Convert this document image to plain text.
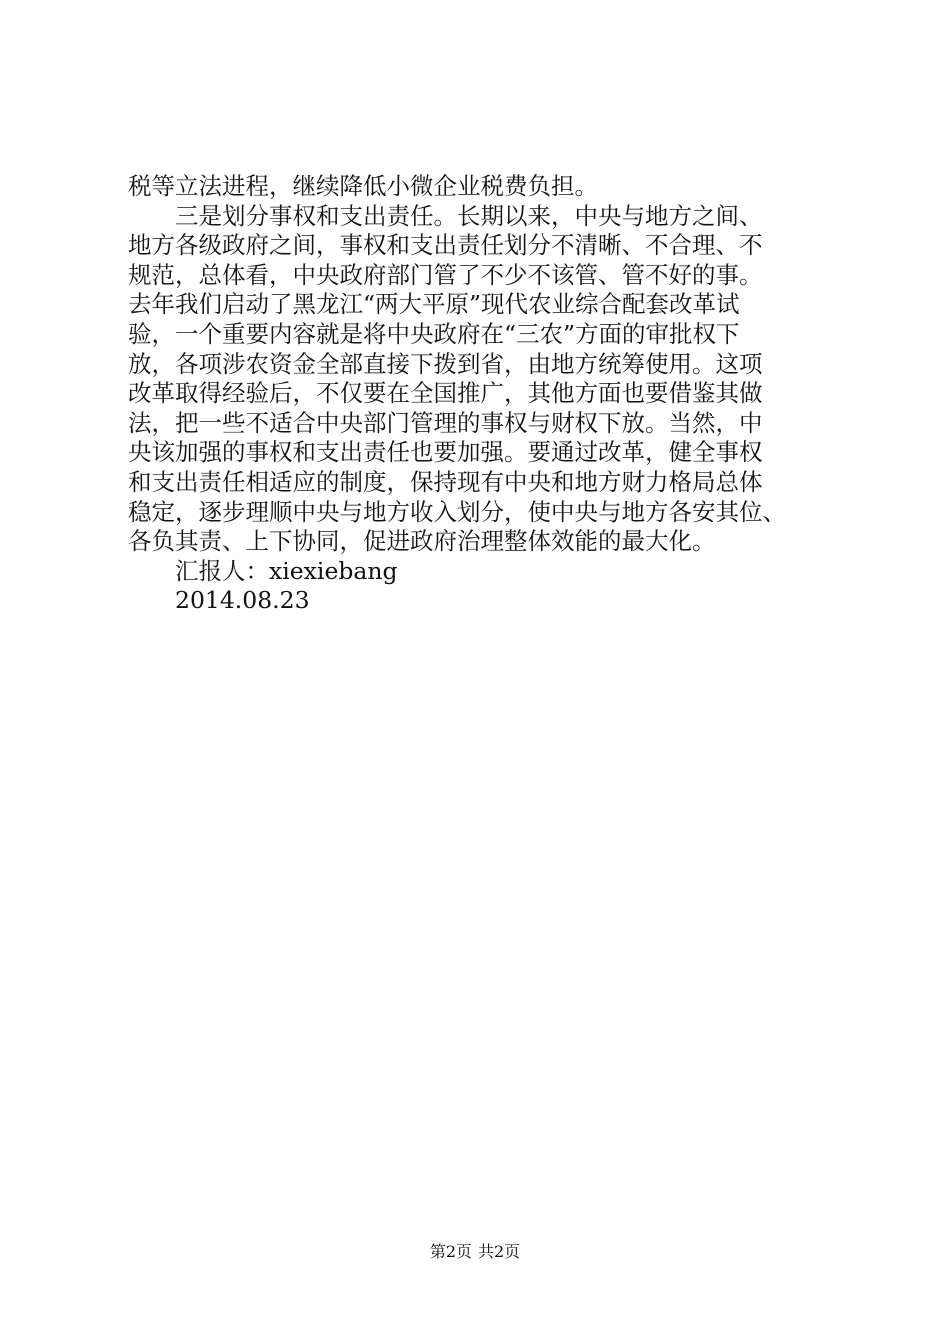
税等立法进程，继续降低小微企业税费负担。
三是划分事权和支出责任。长期以来，中央与地方之间、
地方各级政府之间，事权和支出责任划分不清晰、不合理、不
规范，总体看，中央政府部门管了不少不该管、管不好的事。
去年我们启动了黑龙江“两大平原”现代农业综合配套改革试
验，一个重要内容就是将中央政府在“三农”方面的审批权下
放，各项涉农资金全部直接下拨到省，由地方统筹使用。这项
改革取得经验后，不仅要在全国推广，其他方面也要借鉴其做
法，把一些不适合中央部门管理的事权与财权下放。当然，中
央该加强的事权和支出责任也要加强。要通过改革，健全事权
和支出责任相适应的制度，保持现有中央和地方财力格局总体
稳定，逐步理顺中央与地方收入划分，使中央与地方各安其位、
各负其责、上下协同，促进政府治理整体效能的最大化。
汇报人：xiexiebang
2014.08.23
第2页 共2页
